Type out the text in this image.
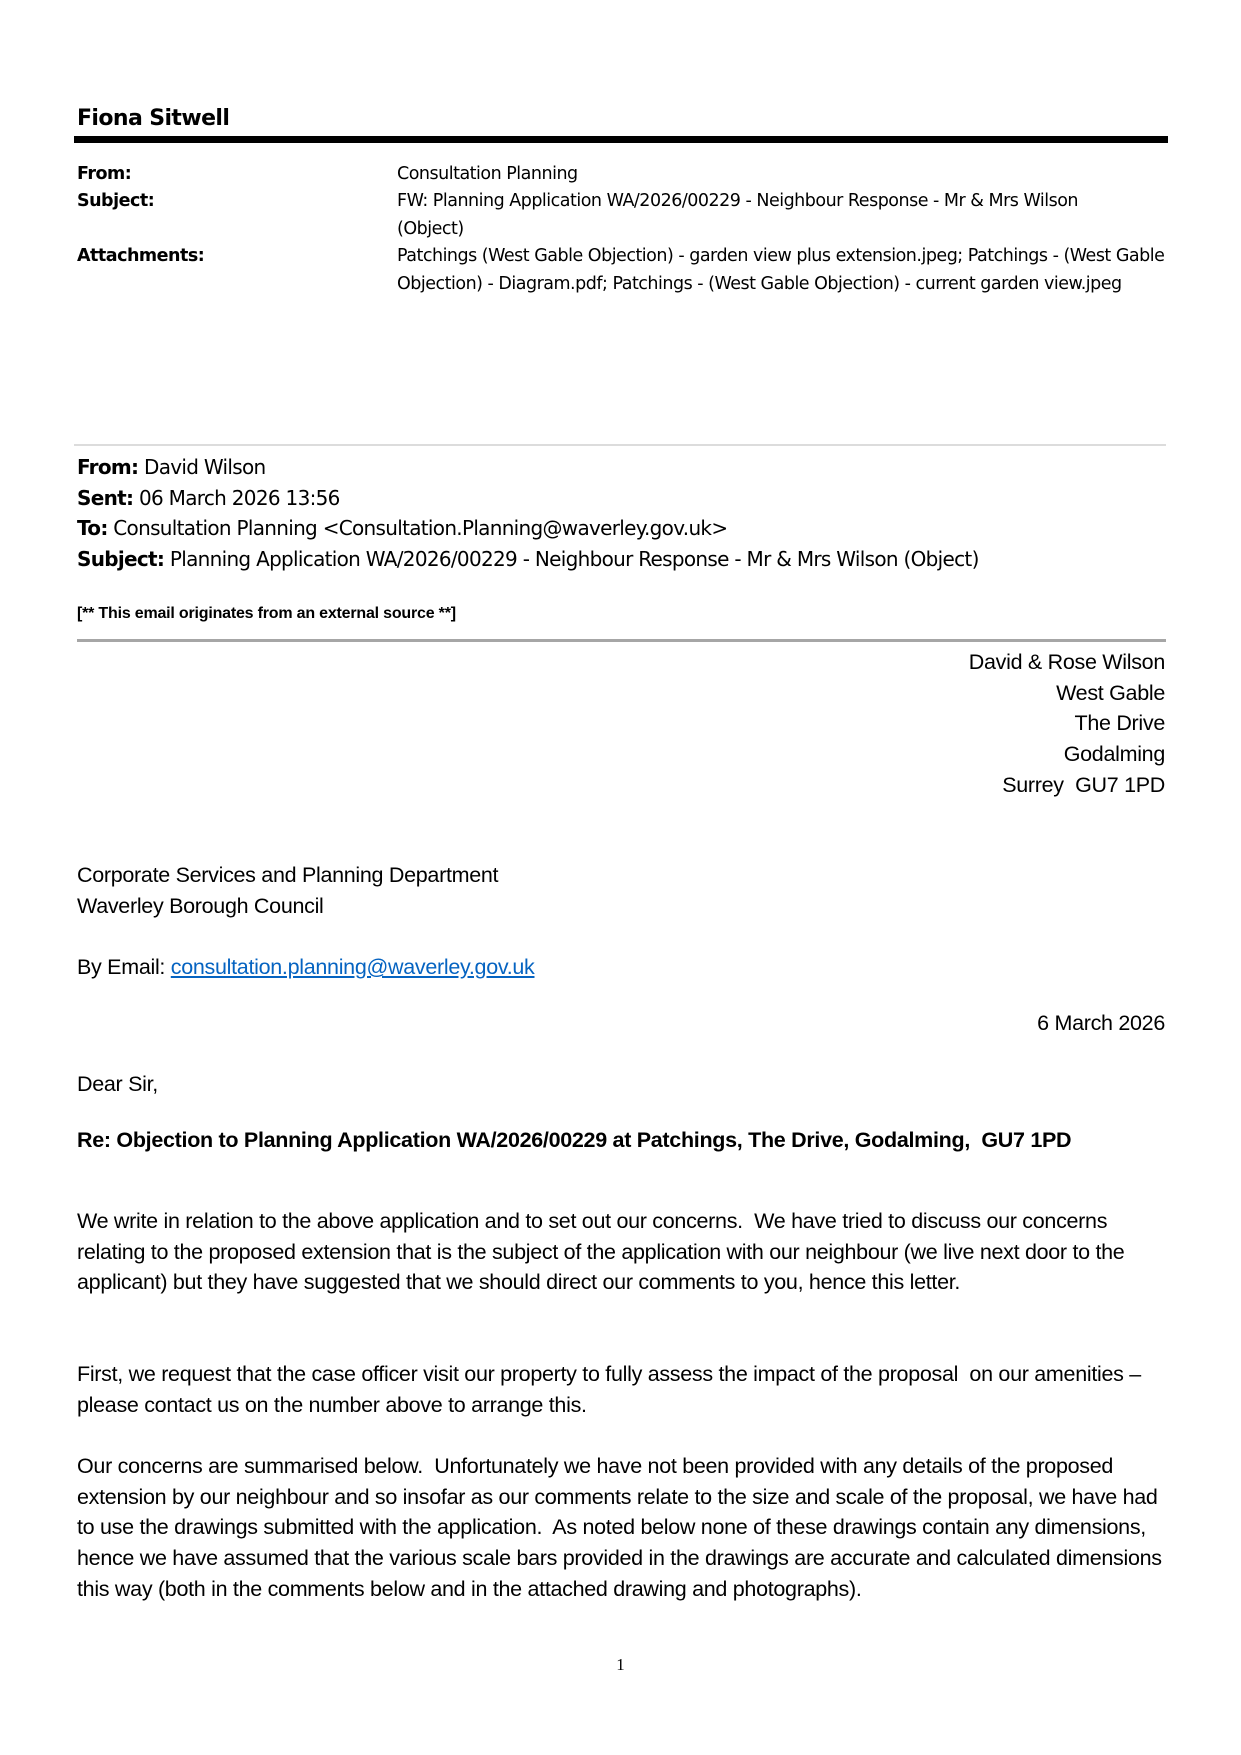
Fiona Sitwell
From:	Consultation Planning
Subject:	FW: Planning Application WA/2026/00229 - Neighbour Response - Mr & Mrs Wilson (Object)
Attachments:	Patchings (West Gable Objection) - garden view plus extension.jpeg; Patchings - (West Gable Objection) - Diagram.pdf; Patchings - (West Gable Objection) - current garden view.jpeg
From: David Wilson
Sent: 06 March 2026 13:56
To: Consultation Planning <Consultation.Planning@waverley.gov.uk>
Subject: Planning Application WA/2026/00229 - Neighbour Response - Mr & Mrs Wilson (Object)
[** This email originates from an external source **]
David & Rose Wilson
West Gable
The Drive
Godalming
Surrey  GU7 1PD
Corporate Services and Planning Department
Waverley Borough Council
By Email: consultation.planning@waverley.gov.uk
6 March 2026
Dear Sir,
Re: Objection to Planning Application WA/2026/00229 at Patchings, The Drive, Godalming,  GU7 1PD
We write in relation to the above application and to set out our concerns.  We have tried to discuss our concerns relating to the proposed extension that is the subject of the application with our neighbour (we live next door to the applicant) but they have suggested that we should direct our comments to you, hence this letter.
First, we request that the case officer visit our property to fully assess the impact of the proposal  on our amenities – please contact us on the number above to arrange this.
Our concerns are summarised below.  Unfortunately we have not been provided with any details of the proposed extension by our neighbour and so insofar as our comments relate to the size and scale of the proposal, we have had to use the drawings submitted with the application.  As noted below none of these drawings contain any dimensions, hence we have assumed that the various scale bars provided in the drawings are accurate and calculated dimensions this way (both in the comments below and in the attached drawing and photographs).
1
